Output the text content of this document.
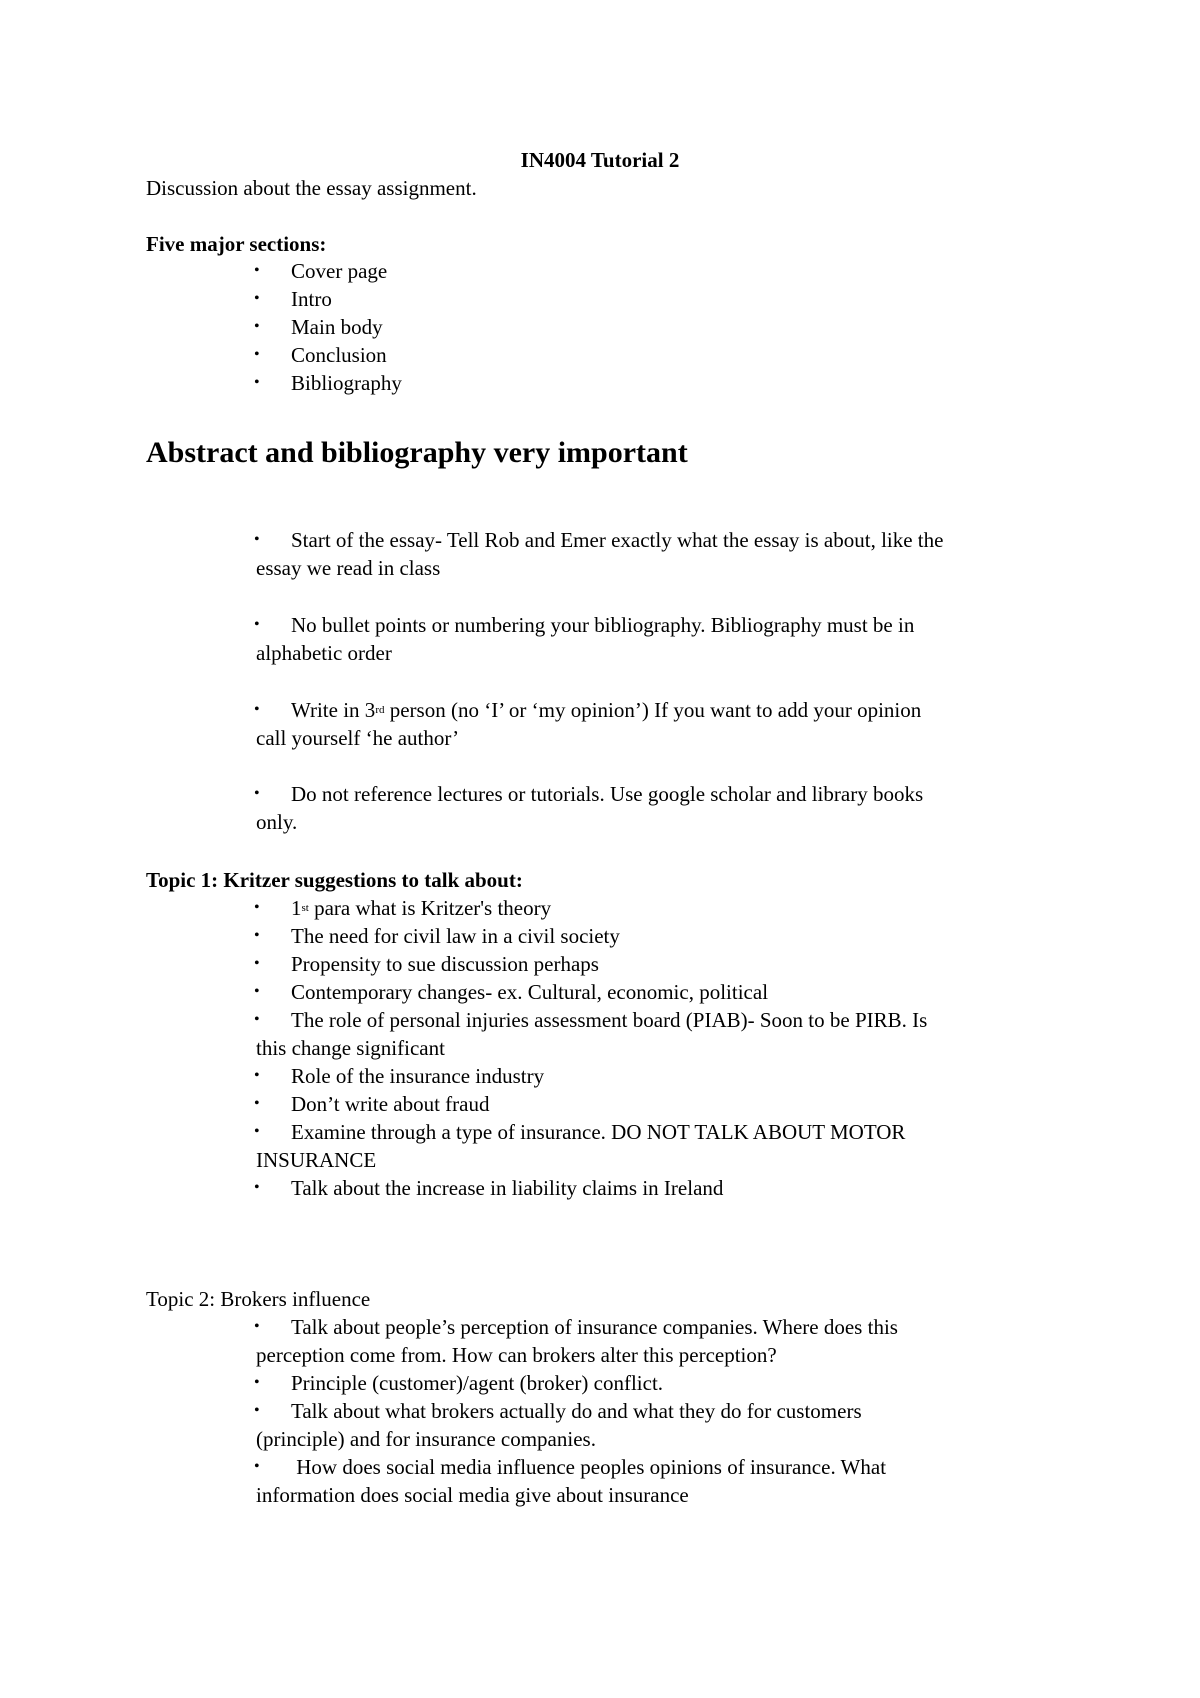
IN4004 Tutorial 2
Discussion about the essay assignment.
Five major sections:
• Cover page
• Intro
• Main body
• Conclusion
• Bibliography
Abstract and bibliography very important
• Start of the essay- Tell Rob and Emer exactly what the essay is about, like the
essay we read in class
• No bullet points or numbering your bibliography. Bibliography must be in
alphabetic order
• Write in 3rd person (no ‘I’ or ‘my opinion’) If you want to add your opinion
call yourself ‘he author’
• Do not reference lectures or tutorials. Use google scholar and library books
only.
Topic 1: Kritzer suggestions to talk about:
• 1st para what is Kritzer's theory
• The need for civil law in a civil society
• Propensity to sue discussion perhaps
• Contemporary changes- ex. Cultural, economic, political
• The role of personal injuries assessment board (PIAB)- Soon to be PIRB. Is
this change significant
• Role of the insurance industry
• Don’t write about fraud
• Examine through a type of insurance. DO NOT TALK ABOUT MOTOR
INSURANCE
• Talk about the increase in liability claims in Ireland
Topic 2: Brokers influence
• Talk about people’s perception of insurance companies. Where does this
perception come from. How can brokers alter this perception?
• Principle (customer)/agent (broker) conflict.
• Talk about what brokers actually do and what they do for customers
(principle) and for insurance companies.
• How does social media influence peoples opinions of insurance. What
information does social media give about insurance
